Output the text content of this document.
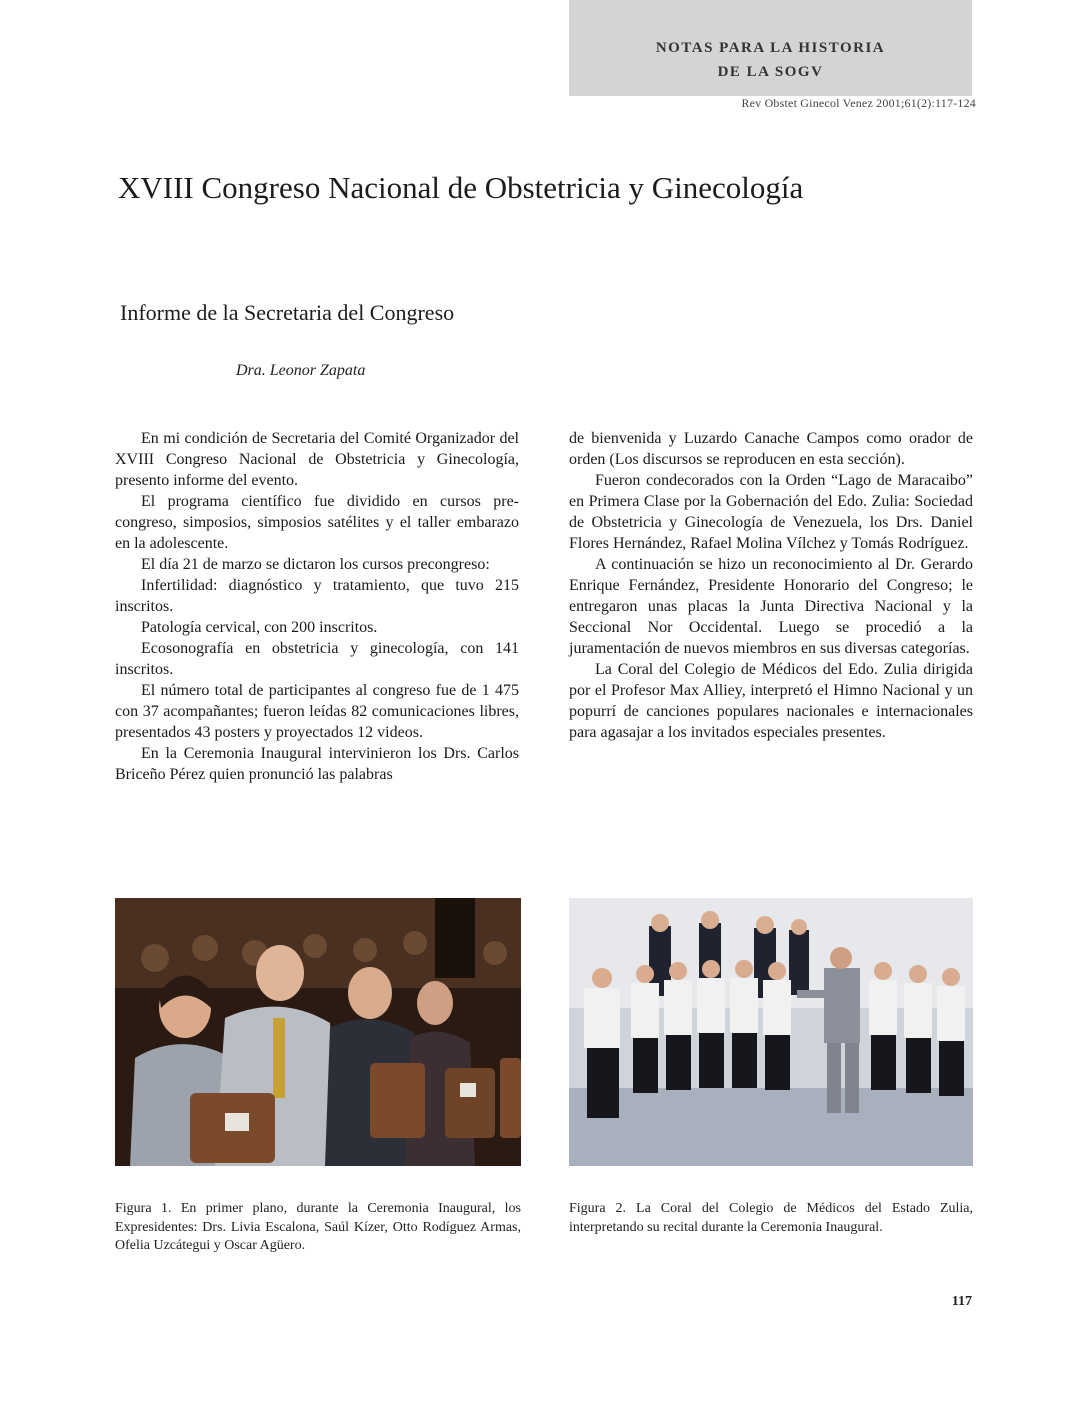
NOTAS PARA LA HISTORIA
DE LA SOGV
Rev Obstet Ginecol Venez 2001;61(2):117-124
XVIII Congreso Nacional de Obstetricia y Ginecología
Informe de la Secretaria del Congreso
Dra. Leonor Zapata

En mi condición de Secretaria del Comité Organizador del XVIII Congreso Nacional de Obstetricia y Ginecología, presento informe del evento.

El programa científico fue dividido en cursos pre-congreso, simposios, simposios satélites y el taller embarazo en la adolescente.

El día 21 de marzo se dictaron los cursos precongreso:

Infertilidad: diagnóstico y tratamiento, que tuvo 215 inscritos.

Patología cervical, con 200 inscritos.

Ecosonografía en obstetricia y ginecología, con 141 inscritos.

El número total de participantes al congreso fue de 1 475 con 37 acompañantes; fueron leídas 82 comunicaciones libres, presentados 43 posters y proyectados 12 videos.

En la Ceremonia Inaugural intervinieron los Drs. Carlos Briceño Pérez quien pronunció las palabras

de bienvenida y Luzardo Canache Campos como orador de orden (Los discursos se reproducen en esta sección).

Fueron condecorados con la Orden “Lago de Maracaibo” en Primera Clase por la Gobernación del Edo. Zulia: Sociedad de Obstetricia y Ginecología de Venezuela, los Drs. Daniel Flores Hernández, Rafael Molina Vílchez y Tomás Rodríguez.

A continuación se hizo un reconocimiento al Dr. Gerardo Enrique Fernández, Presidente Honorario del Congreso; le entregaron unas placas la Junta Directiva Nacional y la Seccional Nor Occidental. Luego se procedió a la juramentación de nuevos miembros en sus diversas categorías.

La Coral del Colegio de Médicos del Edo. Zulia dirigida por el Profesor Max Alliey, interpretó el Himno Nacional y un popurrí de canciones populares nacionales e internacionales para agasajar a los invitados especiales presentes.

Figura 1. En primer plano, durante la Ceremonia Inaugural, los Expresidentes: Drs. Livia Escalona, Saúl Kízer, Otto Rodíguez Armas, Ofelia Uzcátegui y Oscar Agüero.
Figura 2. La Coral del Colegio de Médicos del Estado Zulia, interpretando su recital durante la Ceremonia Inaugural.
117
